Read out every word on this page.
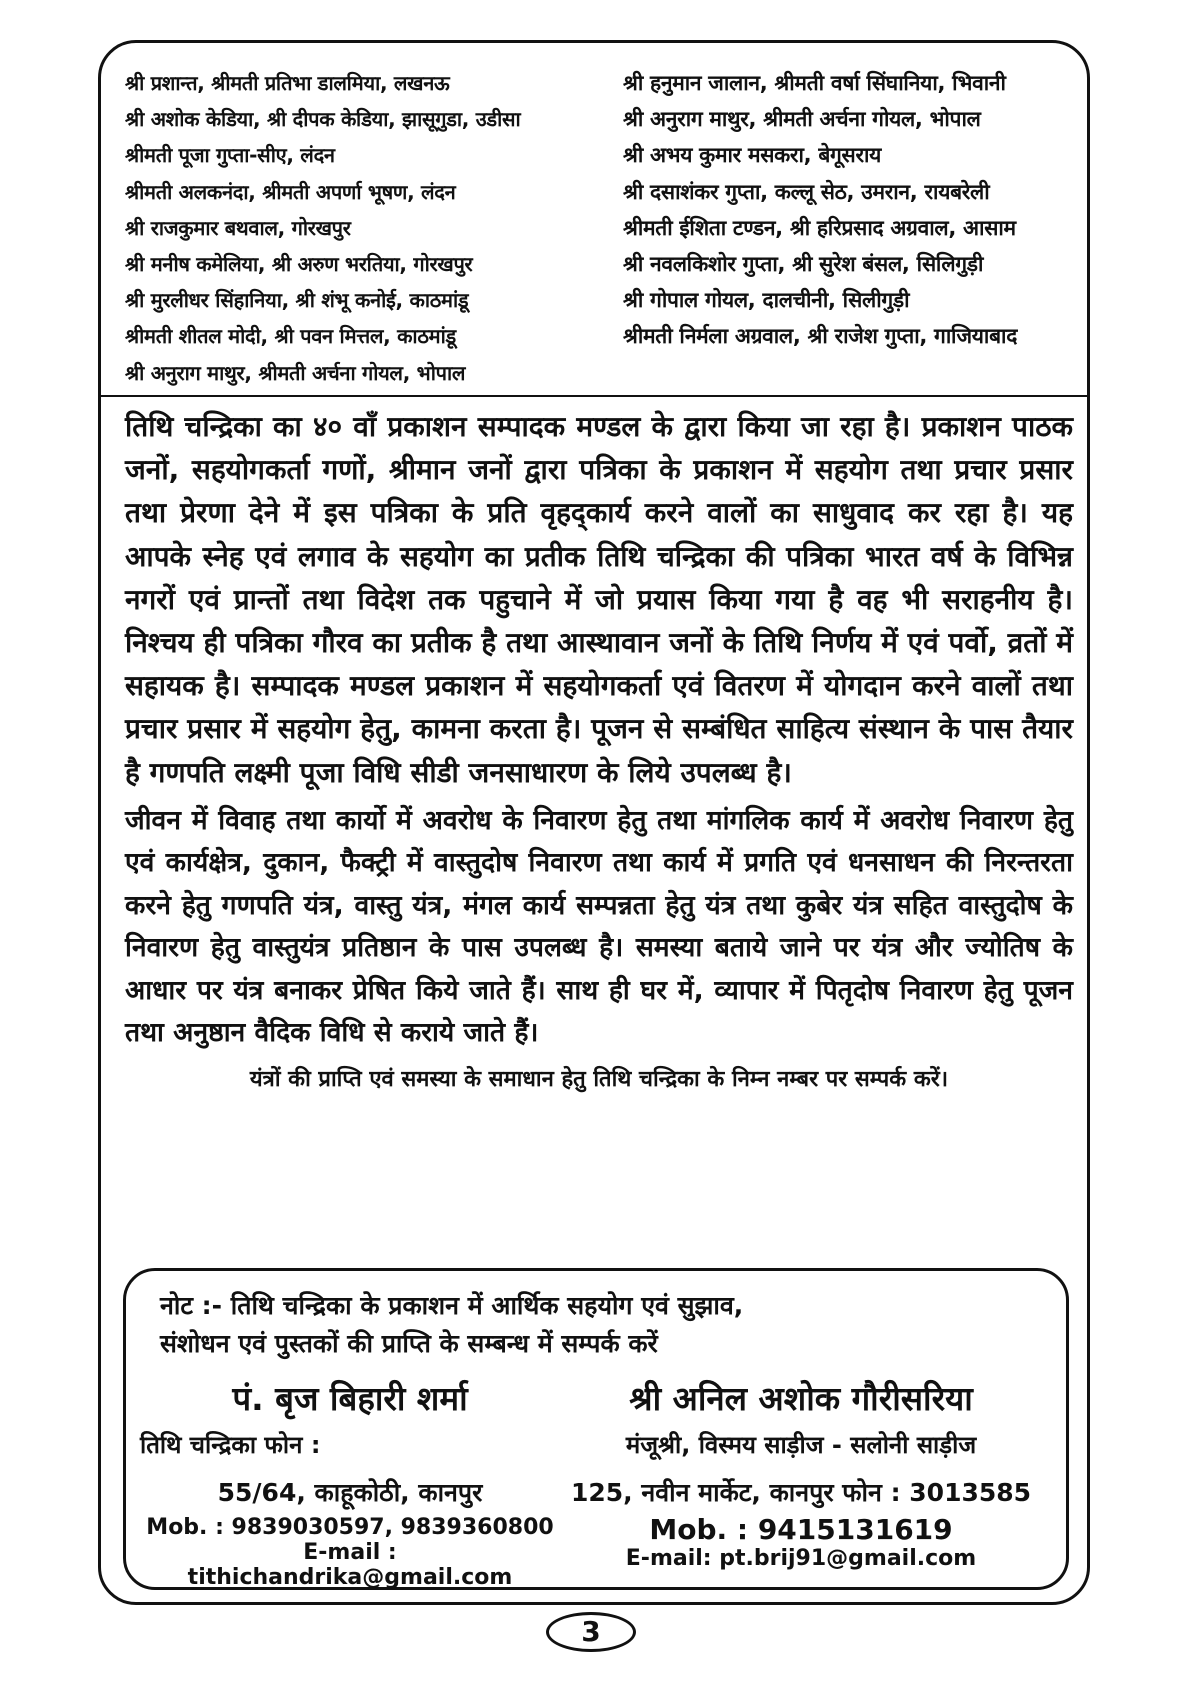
श्री प्रशान्त, श्रीमती प्रतिभा डालमिया, लखनऊ
श्री अशोक केडिया, श्री दीपक केडिया, झासूगुडा, उडीसा
श्रीमती पूजा गुप्ता-सीए, लंदन
श्रीमती अलकनंदा, श्रीमती अपर्णा भूषण, लंदन
श्री राजकुमार बथवाल, गोरखपुर
श्री मनीष कमेलिया, श्री अरुण भरतिया, गोरखपुर
श्री मुरलीधर सिंहानिया, श्री शंभू कनोई, काठमांडू
श्रीमती शीतल मोदी, श्री पवन मित्तल, काठमांडू
श्री अनुराग माथुर, श्रीमती अर्चना गोयल, भोपाल
श्री हनुमान जालान, श्रीमती वर्षा सिंघानिया, भिवानी
श्री अनुराग माथुर, श्रीमती अर्चना गोयल, भोपाल
श्री अभय कुमार मसकरा, बेगूसराय
श्री दसाशंकर गुप्ता, कल्लू सेठ, उमरान, रायबरेली
श्रीमती ईशिता टण्डन, श्री हरिप्रसाद अग्रवाल, आसाम
श्री नवलकिशोर गुप्ता, श्री सुरेश बंसल, सिलिगुड़ी
श्री गोपाल गोयल, दालचीनी, सिलीगुड़ी
श्रीमती निर्मला अग्रवाल, श्री राजेश गुप्ता, गाजियाबाद

तिथि चन्द्रिका का ४० वाँ प्रकाशन सम्पादक मण्डल के द्वारा किया जा रहा है। प्रकाशन पाठक जनों, सहयोगकर्ता गणों, श्रीमान जनों द्वारा पत्रिका के प्रकाशन में सहयोग तथा प्रचार प्रसार तथा प्रेरणा देने में इस पत्रिका के प्रति वृहद्कार्य करने वालों का साधुवाद कर रहा है। यह आपके स्नेह एवं लगाव के सहयोग का प्रतीक तिथि चन्द्रिका की पत्रिका भारत वर्ष के विभिन्न नगरों एवं प्रान्तों तथा विदेश तक पहुचाने में जो प्रयास किया गया है वह भी सराहनीय है। निश्चय ही पत्रिका गौरव का प्रतीक है तथा आस्थावान जनों के तिथि निर्णय में एवं पर्वो, व्रतों में सहायक है। सम्पादक मण्डल प्रकाशन में सहयोगकर्ता एवं वितरण में योगदान करने वालों तथा प्रचार प्रसार में सहयोग हेतु, कामना करता है। पूजन से सम्बंधित साहित्य संस्थान के पास तैयार है गणपति लक्ष्मी पूजा विधि सीडी जनसाधारण के लिये उपलब्ध है।

जीवन में विवाह तथा कार्यो में अवरोध के निवारण हेतु तथा मांगलिक कार्य में अवरोध निवारण हेतु एवं कार्यक्षेत्र, दुकान, फैक्ट्री में वास्तुदोष निवारण तथा कार्य में प्रगति एवं धनसाधन की निरन्तरता करने हेतु गणपति यंत्र, वास्तु यंत्र, मंगल कार्य सम्पन्नता हेतु यंत्र तथा कुबेर यंत्र सहित वास्तुदोष के निवारण हेतु वास्तुयंत्र प्रतिष्ठान के पास उपलब्ध है। समस्या बताये जाने पर यंत्र और ज्योतिष के आधार पर यंत्र बनाकर प्रेषित किये जाते हैं। साथ ही घर में, व्यापार में पितृदोष निवारण हेतु पूजन तथा अनुष्ठान वैदिक विधि से कराये जाते हैं।

यंत्रों की प्राप्ति एवं समस्या के समाधान हेतु तिथि चन्द्रिका के निम्न नम्बर पर सम्पर्क करें।
नोट :- तिथि चन्द्रिका के प्रकाशन में आर्थिक सहयोग एवं सुझाव,
संशोधन एवं पुस्तकों की प्राप्ति के सम्बन्ध में सम्पर्क करें
पं. बृज बिहारी शर्मा
तिथि चन्द्रिका फोन :
55/64, काहूकोठी, कानपुर
Mob. : 9839030597, 9839360800
E-mail : tithichandrika@gmail.com
श्री अनिल अशोक गौरीसरिया
मंजूश्री, विस्मय साड़ीज - सलोनी साड़ीज
125, नवीन मार्केट, कानपुर फोन : 3013585
Mob. : 9415131619
E-mail: pt.brij91@gmail.com
3
